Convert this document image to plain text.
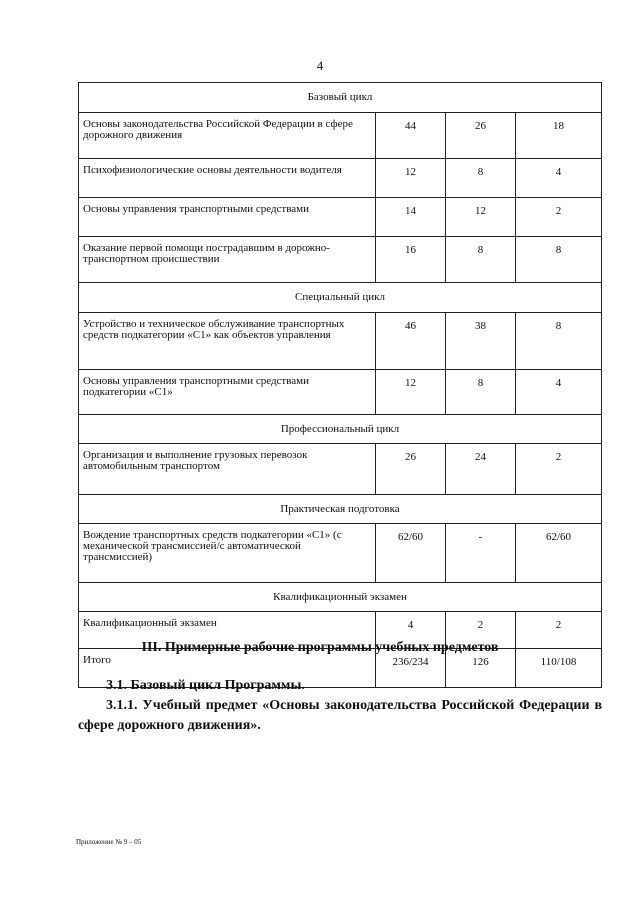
4
Базовый цикл			
Основы законодательства Российской Федерации в сфере дорожного движения	44	26	18
Психофизиологические основы деятельности водителя	12	8	4
Основы управления транспортными средствами	14	12	2
Оказание первой помощи пострадавшим в дорожно-транспортном происшествии	16	8	8
Специальный цикл			
Устройство и техническое обслуживание транспортных средств подкатегории «C1» как объектов управления	46	38	8
Основы управления транспортными средствами подкатегории «C1»	12	8	4
Профессиональный цикл			
Организация и выполнение грузовых перевозок автомобильным транспортом	26	24	2
Практическая подготовка			
Вождение транспортных средств подкатегории «C1» (с механической трансмиссией/с автоматической трансмиссией)	62/60	-	62/60
Квалификационный экзамен			
Квалификационный экзамен	4	2	2
Итого	236/234	126	110/108
III. Примерные рабочие программы учебных предметов
3.1. Базовый цикл Программы.
3.1.1. Учебный предмет «Основы законодательства Российской Федерации в сфере дорожного движения».
Приложение № 9 – 05
